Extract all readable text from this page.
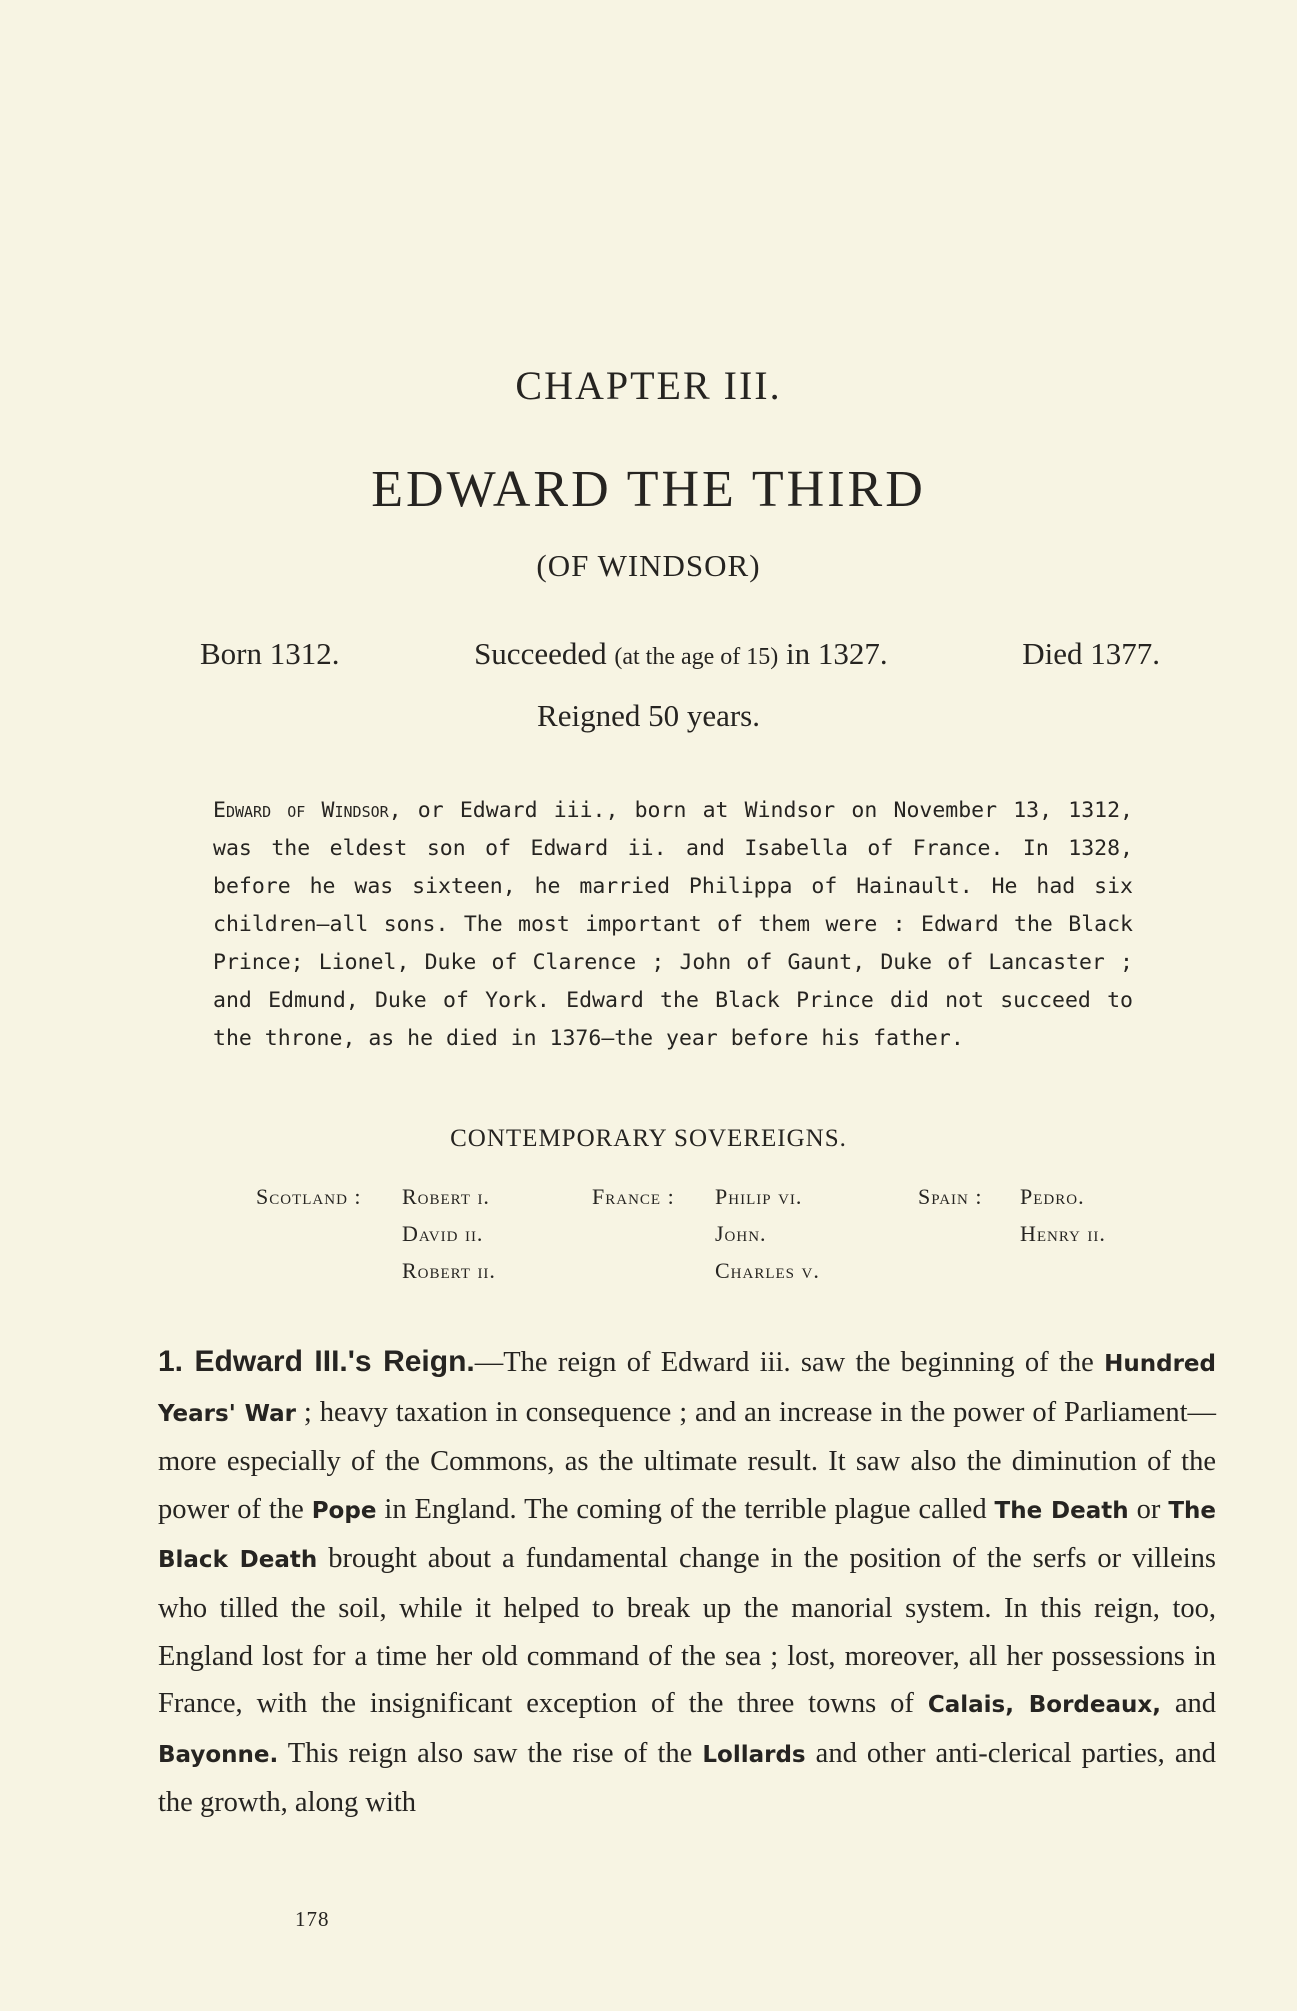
CHAPTER III.
EDWARD THE THIRD
(OF WINDSOR)
Born 1312.	Succeeded (at the age of 15) in 1327.	Died 1377.
Reigned 50 years.

Edward of Windsor, or Edward iii., born at Windsor on November 13, 1312, was the eldest son of Edward ii. and Isabella of France. In 1328, before he was sixteen, he married Philippa of Hainault. He had six children—all sons. The most important of them were : Edward the Black Prince; Lionel, Duke of Clarence ; John of Gaunt, Duke of Lancaster ; and Edmund, Duke of York. Edward the Black Prince did not succeed to the throne, as he died in 1376—the year before his father.

CONTEMPORARY SOVEREIGNS.
Scotland : Robert i.
David ii.
Robert ii.
France : Philip vi.
John.
Charles v.
Spain : Pedro.
Henry ii.

1. Edward III.'s Reign.—The reign of Edward iii. saw the beginning of the Hundred Years' War ; heavy taxation in consequence ; and an increase in the power of Parliament—more especially of the Commons, as the ultimate result. It saw also the diminution of the power of the Pope in England. The coming of the terrible plague called The Death or The Black Death brought about a fundamental change in the position of the serfs or villeins who tilled the soil, while it helped to break up the manorial system. In this reign, too, England lost for a time her old command of the sea ; lost, moreover, all her possessions in France, with the insignificant exception of the three towns of Calais, Bordeaux, and Bayonne. This reign also saw the rise of the Lollards and other anti-clerical parties, and the growth, along with

178
